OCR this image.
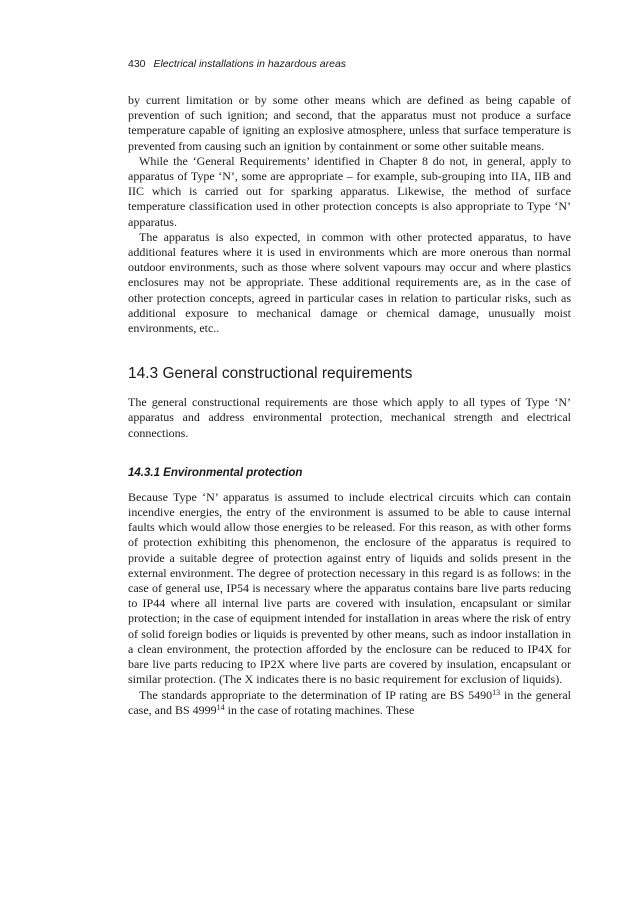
430 Electrical installations in hazardous areas

by current limitation or by some other means which are defined as being capable of prevention of such ignition; and second, that the apparatus must not produce a surface temperature capable of igniting an explosive atmosphere, unless that surface temperature is prevented from causing such an ignition by containment or some other suitable means.

While the ‘General Requirements’ identified in Chapter 8 do not, in general, apply to apparatus of Type ‘N’, some are appropriate – for example, sub-grouping into IIA, IIB and IIC which is carried out for sparking apparatus. Likewise, the method of surface temperature classification used in other protection concepts is also appropriate to Type ‘N’ apparatus.

The apparatus is also expected, in common with other protected apparatus, to have additional features where it is used in environments which are more onerous than normal outdoor environments, such as those where solvent vapours may occur and where plastics enclosures may not be appropriate. These additional requirements are, as in the case of other protection concepts, agreed in particular cases in relation to particular risks, such as additional exposure to mechanical damage or chemical damage, unusually moist environments, etc..

14.3 General constructional requirements

The general constructional requirements are those which apply to all types of Type ‘N’ apparatus and address environmental protection, mechanical strength and electrical connections.

14.3.1 Environmental protection

Because Type ‘N’ apparatus is assumed to include electrical circuits which can contain incendive energies, the entry of the environment is assumed to be able to cause internal faults which would allow those energies to be released. For this reason, as with other forms of protection exhibiting this phenomenon, the enclosure of the apparatus is required to provide a suitable degree of protection against entry of liquids and solids present in the external environment. The degree of protection necessary in this regard is as follows: in the case of general use, IP54 is necessary where the apparatus contains bare live parts reducing to IP44 where all internal live parts are covered with insulation, encapsulant or similar protection; in the case of equipment intended for installation in areas where the risk of entry of solid foreign bodies or liquids is prevented by other means, such as indoor installation in a clean environment, the protection afforded by the enclosure can be reduced to IP4X for bare live parts reducing to IP2X where live parts are covered by insulation, encapsulant or similar protection. (The X indicates there is no basic requirement for exclusion of liquids).

The standards appropriate to the determination of IP rating are BS 5490$^{13}$ in the general case, and BS 4999$^{14}$ in the case of rotating machines. These
